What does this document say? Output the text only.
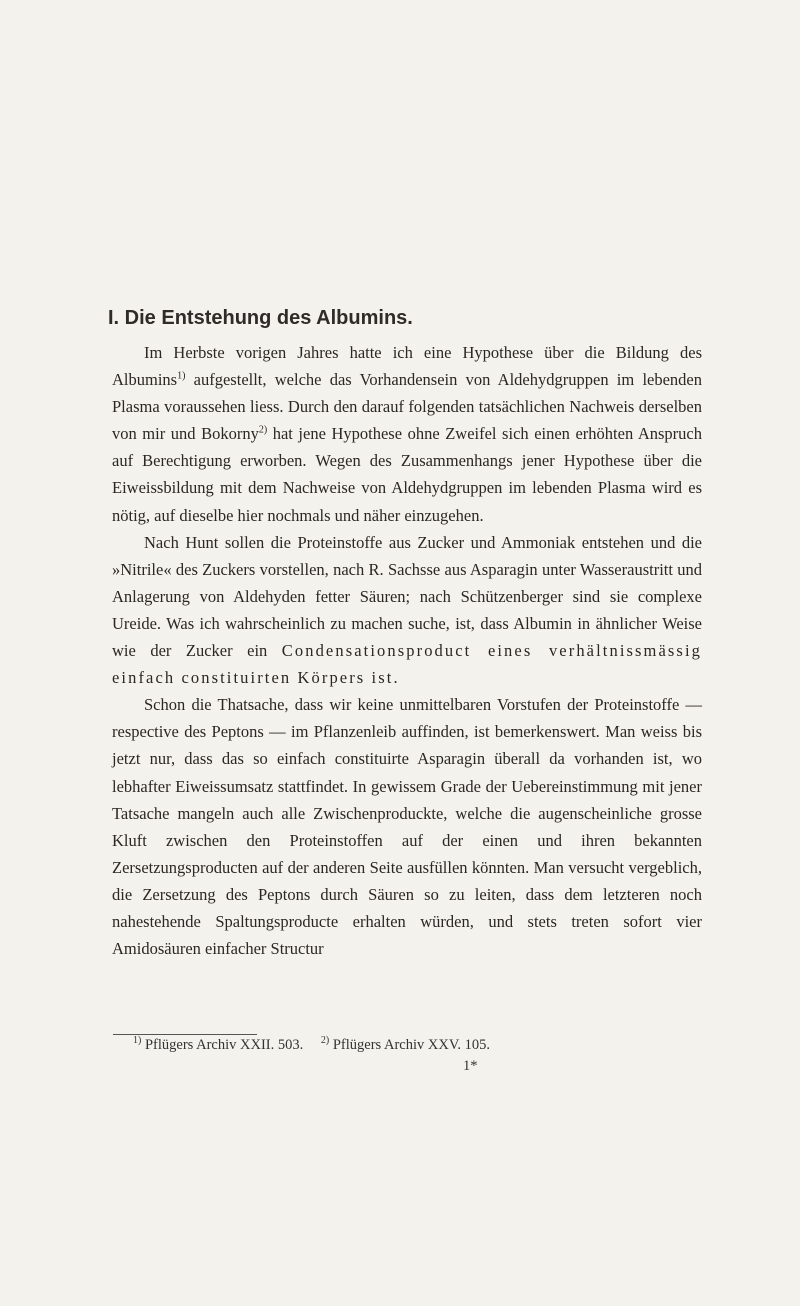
I. Die Entstehung des Albumins.

Im Herbste vorigen Jahres hatte ich eine Hypothese über die Bildung des Albumins$^{1)}$ aufgestellt, welche das Vorhandensein von Aldehydgruppen im lebenden Plasma voraussehen liess. Durch den darauf folgenden tatsächlichen Nachweis derselben von mir und Bokorny$^{2)}$ hat jene Hypothese ohne Zweifel sich einen erhöhten Anspruch auf Berechtigung erworben. Wegen des Zusammenhangs jener Hypothese über die Eiweissbildung mit dem Nachweise von Aldehydgruppen im lebenden Plasma wird es nötig, auf dieselbe hier nochmals und näher einzugehen.

Nach Hunt sollen die Proteinstoffe aus Zucker und Ammoniak entstehen und die »Nitrile« des Zuckers vorstellen, nach R. Sachsse aus Asparagin unter Wasseraustritt und Anlagerung von Aldehyden fetter Säuren; nach Schützenberger sind sie complexe Ureide. Was ich wahrscheinlich zu machen suche, ist, dass Albumin in ähnlicher Weise wie der Zucker ein Condensationsproduct eines verhältnissmässig einfach constituirten Körpers ist.

Schon die Thatsache, dass wir keine unmittelbaren Vorstufen der Proteinstoffe — respective des Peptons — im Pflanzenleib auffinden, ist bemerkenswert. Man weiss bis jetzt nur, dass das so einfach constituirte Asparagin überall da vorhanden ist, wo lebhafter Eiweissumsatz stattfindet. In gewissem Grade der Uebereinstimmung mit jener Tatsache mangeln auch alle Zwischenproduckte, welche die augenscheinliche grosse Kluft zwischen den Proteinstoffen auf der einen und ihren bekannten Zersetzungsproducten auf der anderen Seite ausfüllen könnten. Man versucht vergeblich, die Zersetzung des Peptons durch Säuren so zu leiten, dass dem letzteren noch nahestehende Spaltungsproducte erhalten würden, und stets treten sofort vier Amidosäuren einfacher Structur

$^{1)}$ Pflügers Archiv XXII. 503. $^{2)}$ Pflügers Archiv XXV. 105.
1*
